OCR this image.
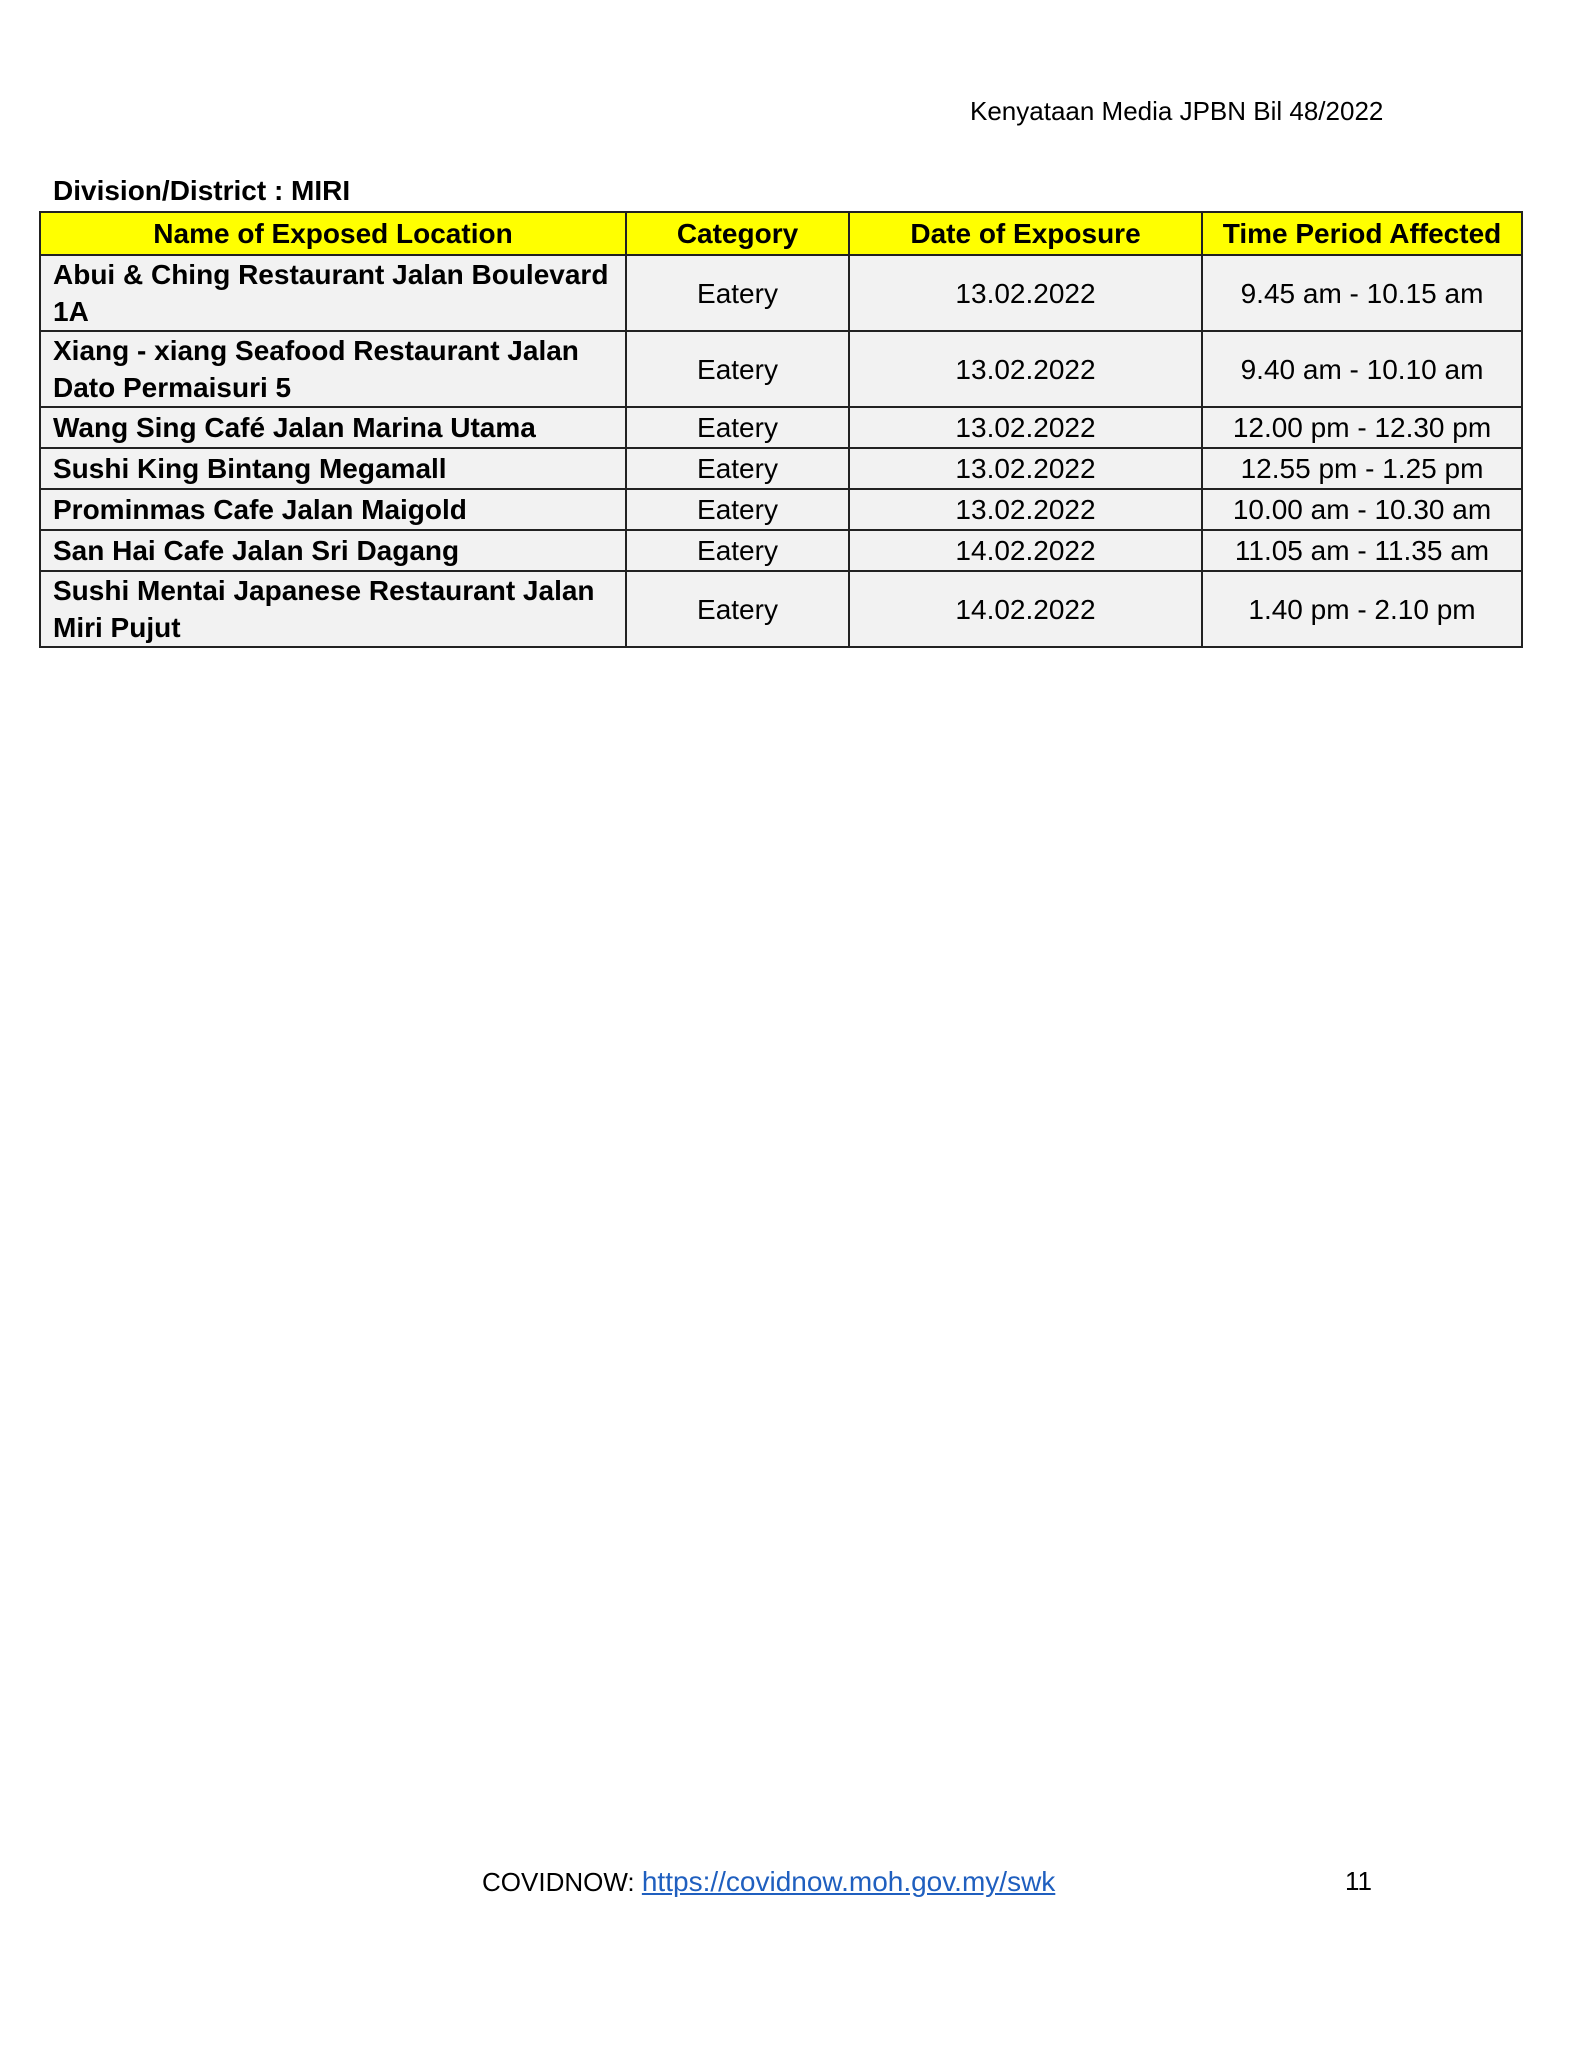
Kenyataan Media JPBN Bil 48/2022
Division/District : MIRI
Name of Exposed Location	Category	Date of Exposure	Time Period Affected
Abui & Ching Restaurant Jalan Boulevard 1A	Eatery	13.02.2022	9.45 am - 10.15 am
Xiang - xiang Seafood Restaurant Jalan Dato Permaisuri 5	Eatery	13.02.2022	9.40 am - 10.10 am
Wang Sing Café Jalan Marina Utama	Eatery	13.02.2022	12.00 pm - 12.30 pm
Sushi King Bintang Megamall	Eatery	13.02.2022	12.55 pm - 1.25 pm
Prominmas Cafe Jalan Maigold	Eatery	13.02.2022	10.00 am - 10.30 am
San Hai Cafe Jalan Sri Dagang	Eatery	14.02.2022	11.05 am - 11.35 am
Sushi Mentai Japanese Restaurant Jalan Miri Pujut	Eatery	14.02.2022	1.40 pm - 2.10 pm
COVIDNOW: https://covidnow.moh.gov.my/swk	11
